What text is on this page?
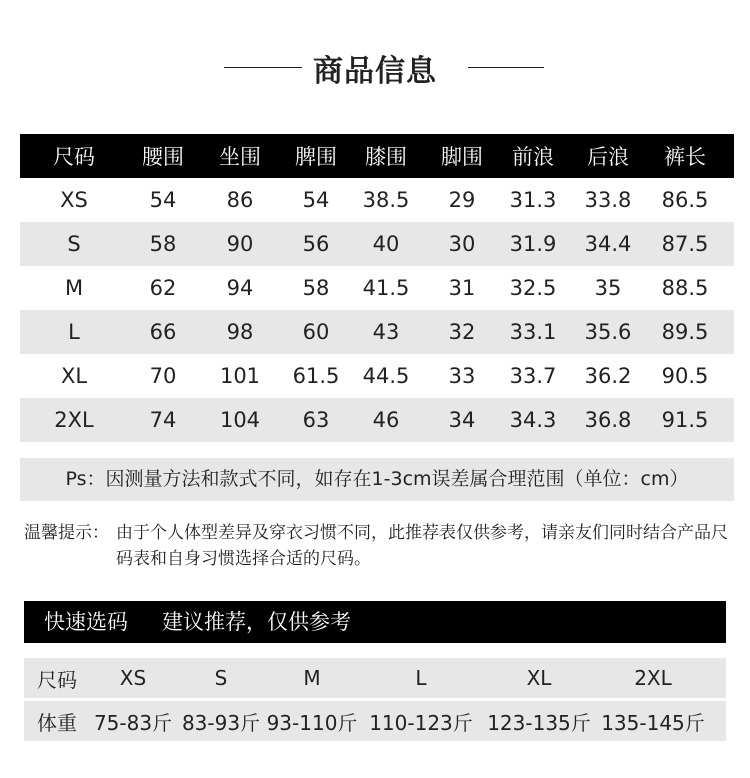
商品信息
尺码	腰围	坐围	脾围	膝围	脚围	前浪	后浪	裤长
XS	54	86	54	38.5	29	31.3	33.8	86.5
S	58	90	56	40	30	31.9	34.4	87.5
M	62	94	58	41.5	31	32.5	35	88.5
L	66	98	60	43	32	33.1	35.6	89.5
XL	70	101	61.5	44.5	33	33.7	36.2	90.5
2XL	74	104	63	46	34	34.3	36.8	91.5
Ps：因测量方法和款式不同，如存在1-3cm误差属合理范围（单位：cm）
温馨提示： 由于个人体型差异及穿衣习惯不同，此推荐表仅供参考，请亲友们同时结合产品尺码表和自身习惯选择合适的尺码。
快速选码 建议推荐，仅供参考
尺码	XS	S	M	L	XL	2XL
体重 75-83斤 83-93斤 93-110斤 110-123斤 123-135斤 135-145斤
